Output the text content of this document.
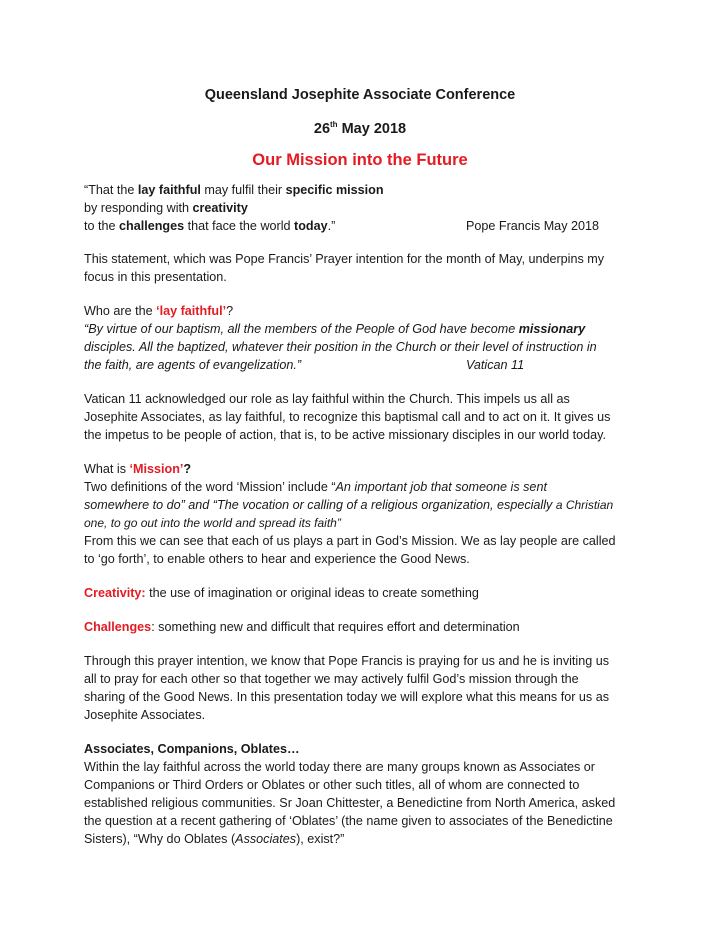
Queensland Josephite Associate Conference
26th May 2018
Our Mission into the Future
“That the lay faithful may fulfil their specific mission
by responding with creativity
to the challenges that face the world today.”	Pope Francis May 2018
This statement, which was Pope Francis’ Prayer intention for the month of May, underpins my
focus in this presentation.
Who are the ‘lay faithful’?
“By virtue of our baptism, all the members of the People of God have become missionary
disciples. All the baptized, whatever their position in the Church or their level of instruction in
the faith, are agents of evangelization.”	Vatican 11
Vatican 11 acknowledged our role as lay faithful within the Church. This impels us all as
Josephite Associates, as lay faithful, to recognize this baptismal call and to act on it. It gives us
the impetus to be people of action, that is, to be active missionary disciples in our world today.
What is ‘Mission’?
Two definitions of the word ‘Mission’ include “An important job that someone is sent
somewhere to do” and “The vocation or calling of a religious organization, especially a Christian
one, to go out into the world and spread its faith”
From this we can see that each of us plays a part in God’s Mission. We as lay people are called
to ‘go forth’, to enable others to hear and experience the Good News.
Creativity: the use of imagination or original ideas to create something
Challenges: something new and difficult that requires effort and determination
Through this prayer intention, we know that Pope Francis is praying for us and he is inviting us
all to pray for each other so that together we may actively fulfil God’s mission through the
sharing of the Good News. In this presentation today we will explore what this means for us as
Josephite Associates.
Associates, Companions, Oblates…
Within the lay faithful across the world today there are many groups known as Associates or
Companions or Third Orders or Oblates or other such titles, all of whom are connected to
established religious communities. Sr Joan Chittester, a Benedictine from North America, asked
the question at a recent gathering of ‘Oblates’ (the name given to associates of the Benedictine
Sisters), “Why do Oblates (Associates), exist?”
